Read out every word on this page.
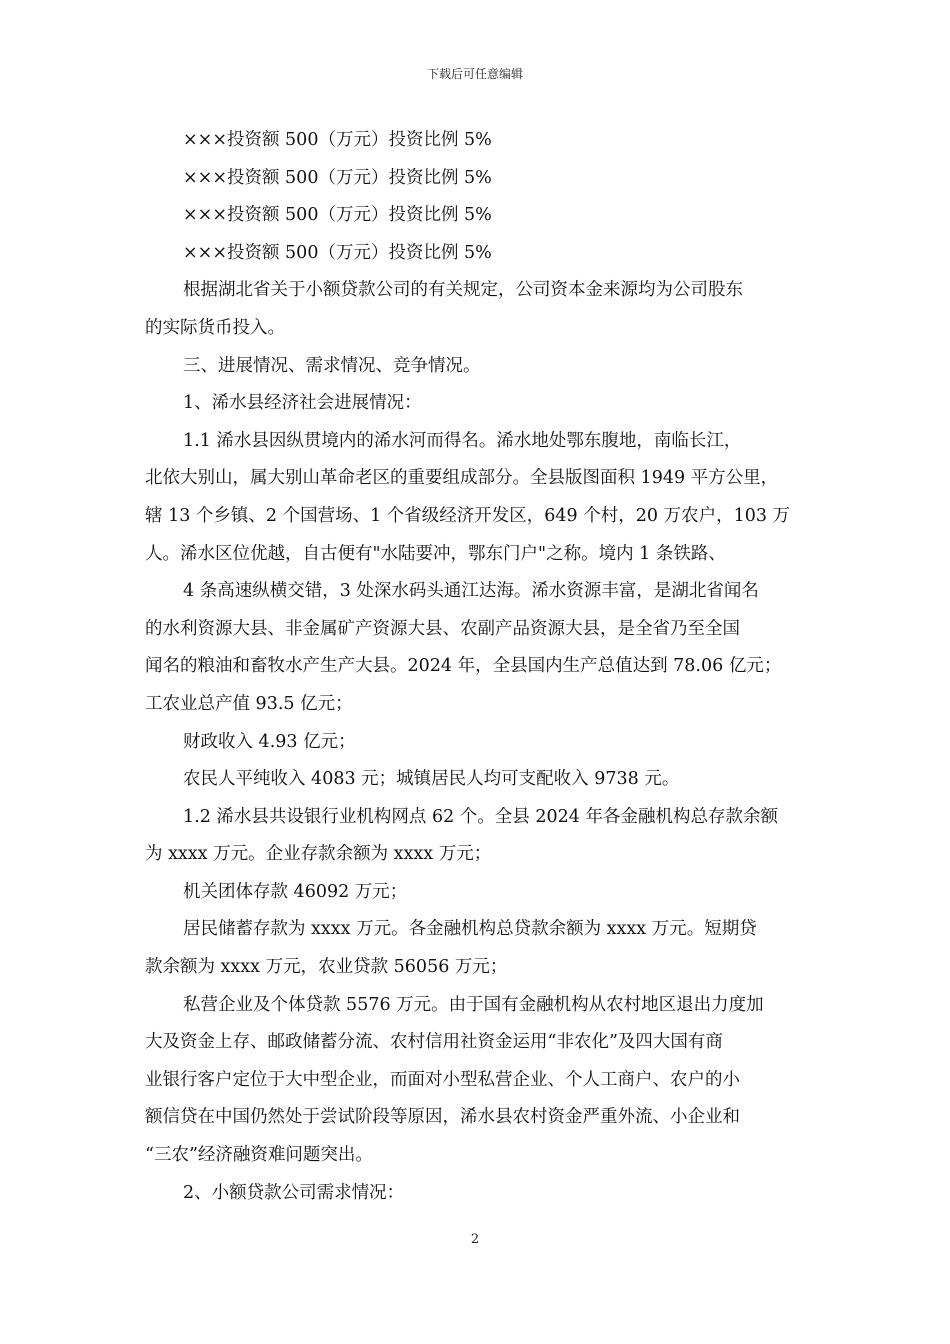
下载后可任意编辑
×××投资额 500（万元）投资比例 5%
×××投资额 500（万元）投资比例 5%
×××投资额 500（万元）投资比例 5%
×××投资额 500（万元）投资比例 5%
根据湖北省关于小额贷款公司的有关规定，公司资本金来源均为公司股东
的实际货币投入。
三、进展情况、需求情况、竞争情况。
1、浠水县经济社会进展情况：
1.1 浠水县因纵贯境内的浠水河而得名。浠水地处鄂东腹地，南临长江，
北依大别山，属大别山革命老区的重要组成部分。全县版图面积 1949 平方公里，
辖 13 个乡镇、2 个国营场、1 个省级经济开发区，649 个村，20 万农户，103 万
人。浠水区位优越，自古便有"水陆要冲，鄂东门户"之称。境内 1 条铁路、
4 条高速纵横交错，3 处深水码头通江达海。浠水资源丰富，是湖北省闻名
的水利资源大县、非金属矿产资源大县、农副产品资源大县，是全省乃至全国
闻名的粮油和畜牧水产生产大县。2024 年，全县国内生产总值达到 78.06 亿元；
工农业总产值 93.5 亿元；
财政收入 4.93 亿元；
农民人平纯收入 4083 元；城镇居民人均可支配收入 9738 元。
1.2 浠水县共设银行业机构网点 62 个。全县 2024 年各金融机构总存款余额
为 xxxx 万元。企业存款余额为 xxxx 万元；
机关团体存款 46092 万元；
居民储蓄存款为 xxxx 万元。各金融机构总贷款余额为 xxxx 万元。短期贷
款余额为 xxxx 万元，农业贷款 56056 万元；
私营企业及个体贷款 5576 万元。由于国有金融机构从农村地区退出力度加
大及资金上存、邮政储蓄分流、农村信用社资金运用“非农化”及四大国有商
业银行客户定位于大中型企业，而面对小型私营企业、个人工商户、农户的小
额信贷在中国仍然处于尝试阶段等原因，浠水县农村资金严重外流、小企业和
“三农”经济融资难问题突出。
2、小额贷款公司需求情况：
2
